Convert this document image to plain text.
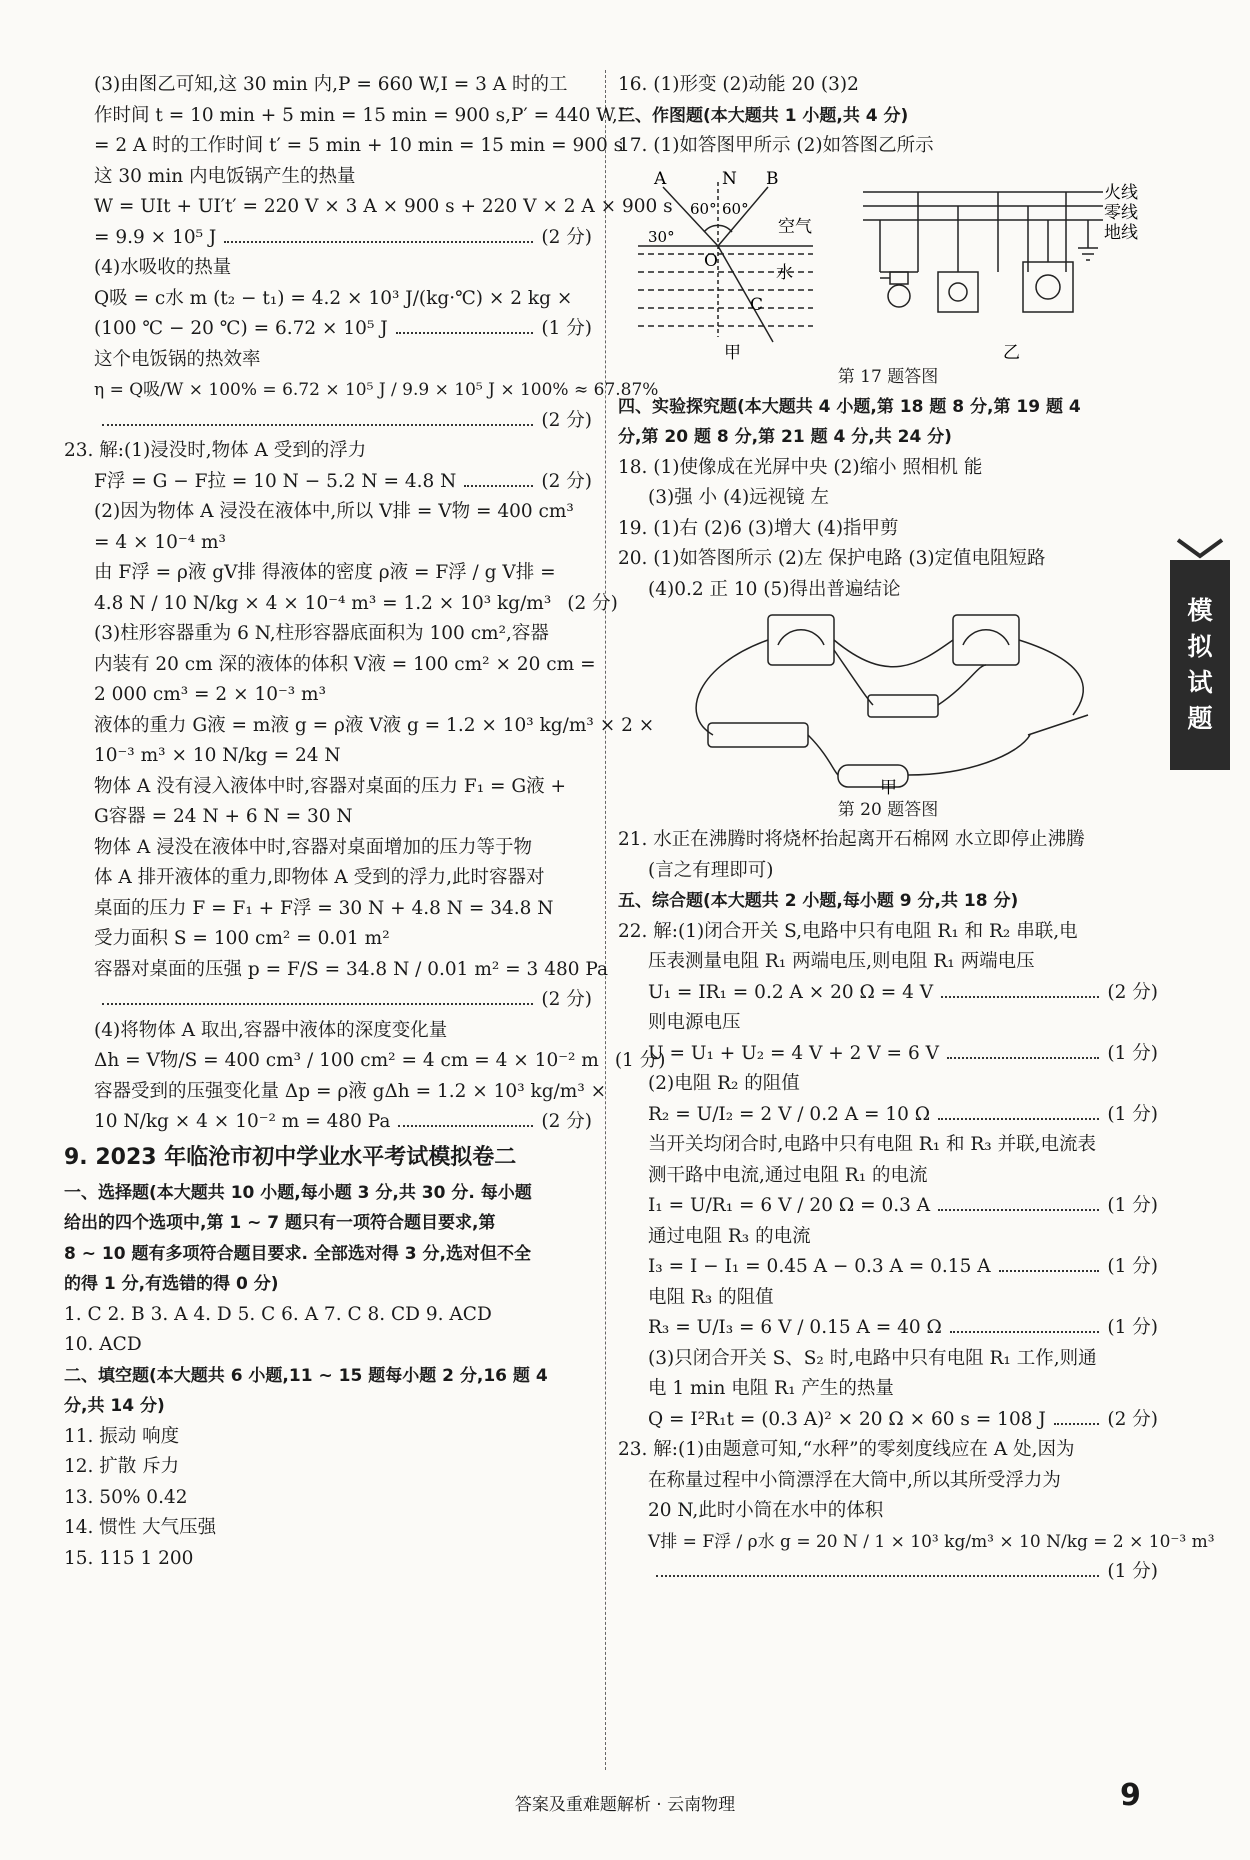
(3)由图乙可知,这 30 min 内,P = 660 W,I = 3 A 时的工
作时间 t = 10 min + 5 min = 15 min = 900 s,P′ = 440 W,I′
= 2 A 时的工作时间 t′ = 5 min + 10 min = 15 min = 900 s
这 30 min 内电饭锅产生的热量
W = UIt + UI′t′ = 220 V × 3 A × 900 s + 220 V × 2 A × 900 s
= 9.9 × 10⁵ J	(2 分)
(4)水吸收的热量
Q吸 = c水 m (t₂ − t₁) = 4.2 × 10³ J/(kg·℃) × 2 kg ×
(100 ℃ − 20 ℃) = 6.72 × 10⁵ J	(1 分)
这个电饭锅的热效率
η = Q吸/W × 100% = 6.72 × 10⁵ J / 9.9 × 10⁵ J × 100% ≈ 67.87%
(2 分)
23. 解:(1)浸没时,物体 A 受到的浮力
F浮 = G − F拉 = 10 N − 5.2 N = 4.8 N	(2 分)
(2)因为物体 A 浸没在液体中,所以 V排 = V物 = 400 cm³
= 4 × 10⁻⁴ m³
由 F浮 = ρ液 gV排 得液体的密度 ρ液 = F浮 / g V排 =
4.8 N / 10 N/kg × 4 × 10⁻⁴ m³ = 1.2 × 10³ kg/m³ (2 分)
(3)柱形容器重为 6 N,柱形容器底面积为 100 cm²,容器
内装有 20 cm 深的液体的体积 V液 = 100 cm² × 20 cm =
2 000 cm³ = 2 × 10⁻³ m³
液体的重力 G液 = m液 g = ρ液 V液 g = 1.2 × 10³ kg/m³ × 2 ×
10⁻³ m³ × 10 N/kg = 24 N
物体 A 没有浸入液体中时,容器对桌面的压力 F₁ = G液 +
G容器 = 24 N + 6 N = 30 N
物体 A 浸没在液体中时,容器对桌面增加的压力等于物
体 A 排开液体的重力,即物体 A 受到的浮力,此时容器对
桌面的压力 F = F₁ + F浮 = 30 N + 4.8 N = 34.8 N
受力面积 S = 100 cm² = 0.01 m²
容器对桌面的压强 p = F/S = 34.8 N / 0.01 m² = 3 480 Pa
(2 分)
(4)将物体 A 取出,容器中液体的深度变化量
Δh = V物/S = 400 cm³ / 100 cm² = 4 cm = 4 × 10⁻² m (1 分)
容器受到的压强变化量 Δp = ρ液 gΔh = 1.2 × 10³ kg/m³ ×
10 N/kg × 4 × 10⁻² m = 480 Pa	(2 分)
9. 2023 年临沧市初中学业水平考试模拟卷二
一、选择题(本大题共 10 小题,每小题 3 分,共 30 分. 每小题
给出的四个选项中,第 1 ~ 7 题只有一项符合题目要求,第
8 ~ 10 题有多项符合题目要求. 全部选对得 3 分,选对但不全
的得 1 分,有选错的得 0 分)
1. C 2. B 3. A 4. D 5. C 6. A 7. C 8. CD 9. ACD
10. ACD
二、填空题(本大题共 6 小题,11 ~ 15 题每小题 2 分,16 题 4
分,共 14 分)
11. 振动 响度
12. 扩散 斥力
13. 50% 0.42
14. 惯性 大气压强
15. 115 1 200
16. (1)形变 (2)动能 20 (3)2
三、作图题(本大题共 1 小题,共 4 分)
17. (1)如答图甲所示 (2)如答图乙所示
A	N B
60° 60°
30°	空气
O
水
C
甲
火线
零线
地线
乙
第 17 题答图
四、实验探究题(本大题共 4 小题,第 18 题 8 分,第 19 题 4
分,第 20 题 8 分,第 21 题 4 分,共 24 分)
18. (1)使像成在光屏中央 (2)缩小 照相机 能
(3)强 小 (4)远视镜 左
19. (1)右 (2)6 (3)增大 (4)指甲剪
20. (1)如答图所示 (2)左 保护电路 (3)定值电阻短路
(4)0.2 正 10 (5)得出普遍结论
甲
第 20 题答图
21. 水正在沸腾时将烧杯抬起离开石棉网 水立即停止沸腾
(言之有理即可)
五、综合题(本大题共 2 小题,每小题 9 分,共 18 分)
22. 解:(1)闭合开关 S,电路中只有电阻 R₁ 和 R₂ 串联,电
压表测量电阻 R₁ 两端电压,则电阻 R₁ 两端电压
U₁ = IR₁ = 0.2 A × 20 Ω = 4 V	(2 分)
则电源电压
U = U₁ + U₂ = 4 V + 2 V = 6 V	(1 分)
(2)电阻 R₂ 的阻值
R₂ = U/I₂ = 2 V / 0.2 A = 10 Ω	(1 分)
当开关均闭合时,电路中只有电阻 R₁ 和 R₃ 并联,电流表
测干路中电流,通过电阻 R₁ 的电流
I₁ = U/R₁ = 6 V / 20 Ω = 0.3 A	(1 分)
通过电阻 R₃ 的电流
I₃ = I − I₁ = 0.45 A − 0.3 A = 0.15 A	(1 分)
电阻 R₃ 的阻值
R₃ = U/I₃ = 6 V / 0.15 A = 40 Ω	(1 分)
(3)只闭合开关 S、S₂ 时,电路中只有电阻 R₁ 工作,则通
电 1 min 电阻 R₁ 产生的热量
Q = I²R₁t = (0.3 A)² × 20 Ω × 60 s = 108 J	(2 分)
23. 解:(1)由题意可知,“水秤”的零刻度线应在 A 处,因为
在称量过程中小筒漂浮在大筒中,所以其所受浮力为
20 N,此时小筒在水中的体积
V排 = F浮 / ρ水 g = 20 N / 1 × 10³ kg/m³ × 10 N/kg = 2 × 10⁻³ m³
(1 分)
模
拟
试
题
答案及重难题解析 · 云南物理	9
